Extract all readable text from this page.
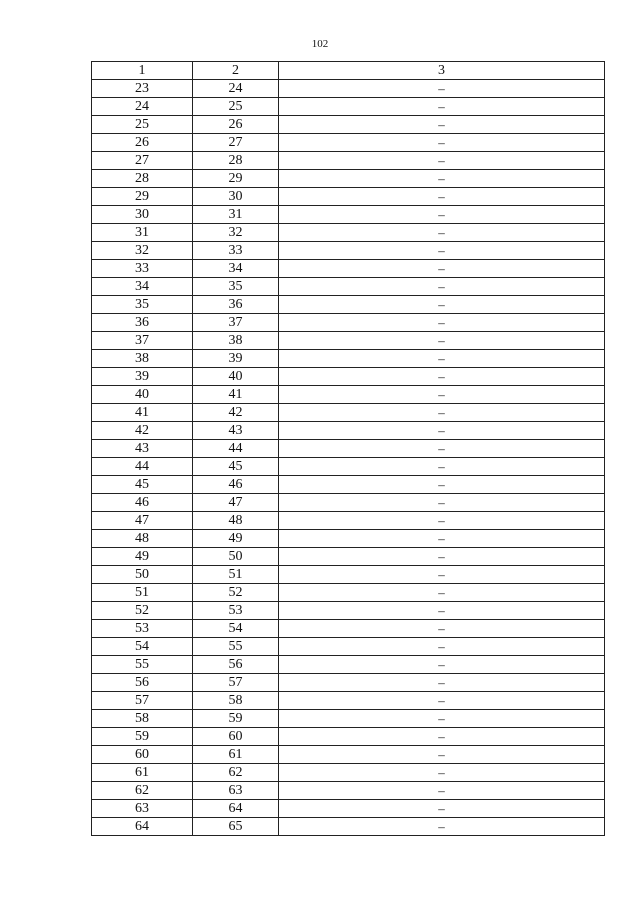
102
1	2	3
23	24	–
24	25	–
25	26	–
26	27	–
27	28	–
28	29	–
29	30	–
30	31	–
31	32	–
32	33	–
33	34	–
34	35	–
35	36	–
36	37	–
37	38	–
38	39	–
39	40	–
40	41	–
41	42	–
42	43	–
43	44	–
44	45	–
45	46	–
46	47	–
47	48	–
48	49	–
49	50	–
50	51	–
51	52	–
52	53	–
53	54	–
54	55	–
55	56	–
56	57	–
57	58	–
58	59	–
59	60	–
60	61	–
61	62	–
62	63	–
63	64	–
64	65	–
